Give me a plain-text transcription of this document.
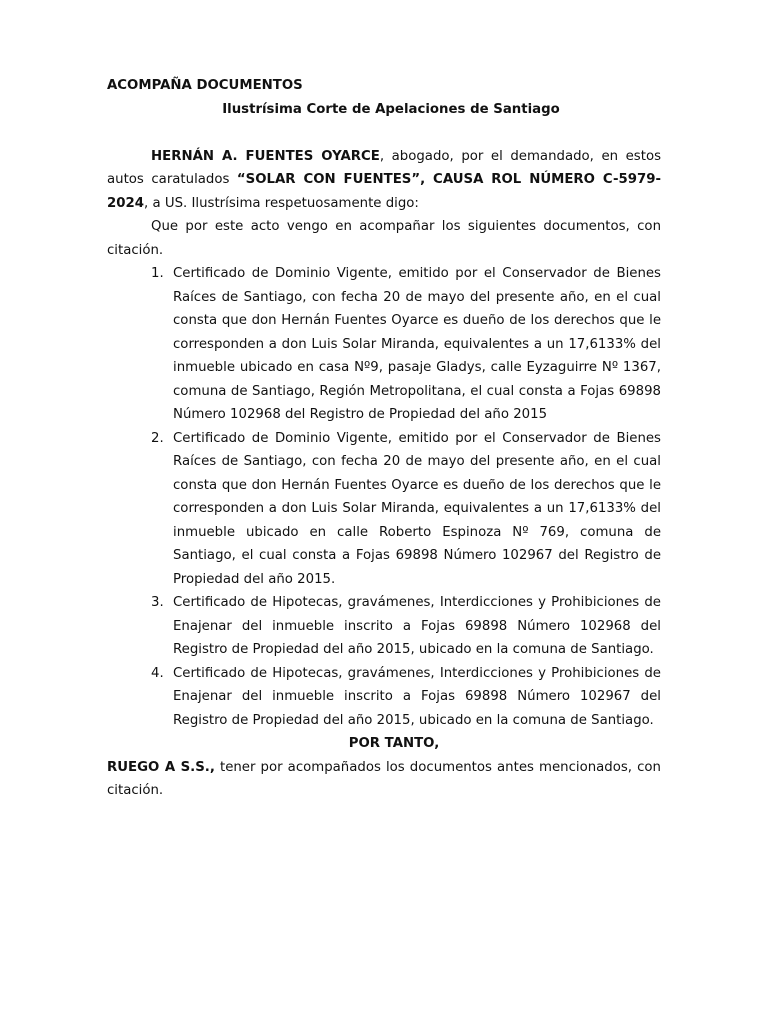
ACOMPAÑA DOCUMENTOS

Ilustrísima Corte de Apelaciones de Santiago

HERNÁN A. FUENTES OYARCE, abogado, por el demandado, en estos autos caratulados “SOLAR CON FUENTES”, CAUSA ROL NÚMERO C-5979-2024, a US. Ilustrísima respetuosamente digo:

Que por este acto vengo en acompañar los siguientes documentos, con citación.

1. Certificado de Dominio Vigente, emitido por el Conservador de Bienes Raíces de Santiago, con fecha 20 de mayo del presente año, en el cual consta que don Hernán Fuentes Oyarce es dueño de los derechos que le corresponden a don Luis Solar Miranda, equivalentes a un 17,6133% del inmueble ubicado en casa Nº9, pasaje Gladys, calle Eyzaguirre Nº 1367, comuna de Santiago, Región Metropolitana, el cual consta a Fojas 69898 Número 102968 del Registro de Propiedad del año 2015
2. Certificado de Dominio Vigente, emitido por el Conservador de Bienes Raíces de Santiago, con fecha 20 de mayo del presente año, en el cual consta que don Hernán Fuentes Oyarce es dueño de los derechos que le corresponden a don Luis Solar Miranda, equivalentes a un 17,6133% del inmueble ubicado en calle Roberto Espinoza Nº 769, comuna de Santiago, el cual consta a Fojas 69898 Número 102967 del Registro de Propiedad del año 2015.
3. Certificado de Hipotecas, gravámenes, Interdicciones y Prohibiciones de Enajenar del inmueble inscrito a Fojas 69898 Número 102968 del Registro de Propiedad del año 2015, ubicado en la comuna de Santiago.
4. Certificado de Hipotecas, gravámenes, Interdicciones y Prohibiciones de Enajenar del inmueble inscrito a Fojas 69898 Número 102967 del Registro de Propiedad del año 2015, ubicado en la comuna de Santiago.

POR TANTO,

RUEGO A S.S., tener por acompañados los documentos antes mencionados, con citación.
